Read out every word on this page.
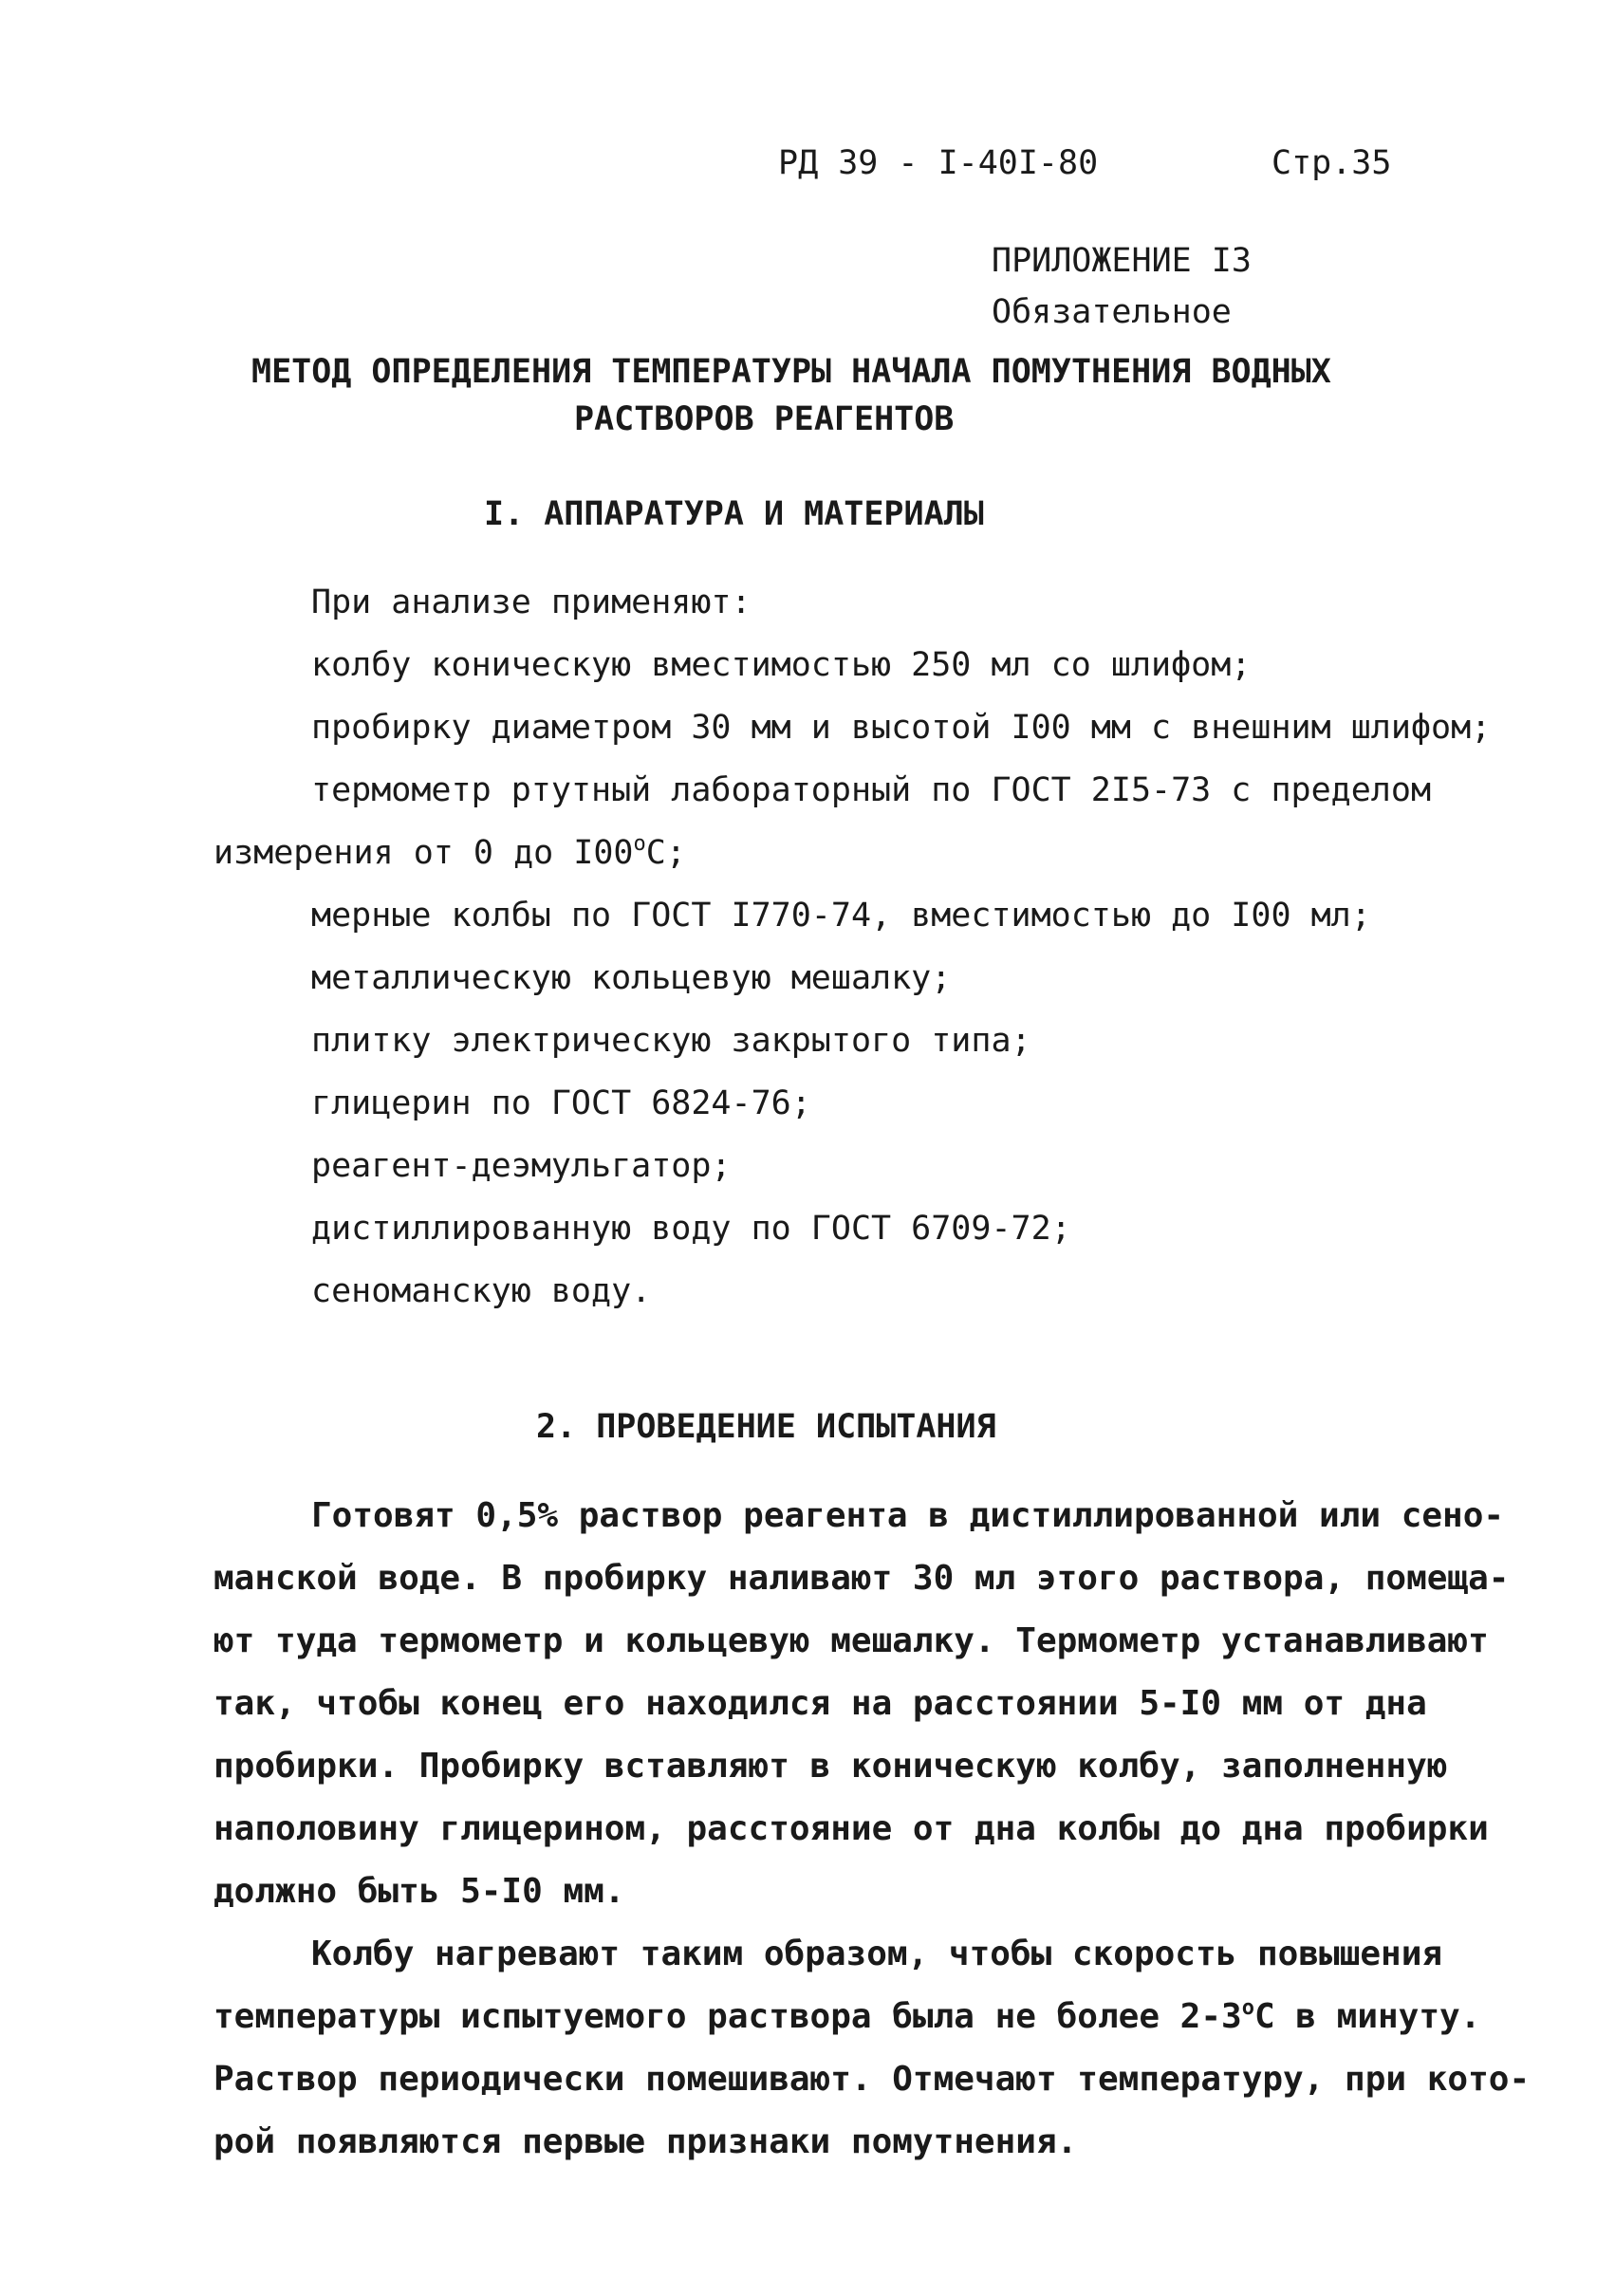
РД 39 - I-40I-80	Стр.35
ПРИЛОЖЕНИЕ I3
Обязательное
МЕТОД ОПРЕДЕЛЕНИЯ ТЕМПЕРАТУРЫ НАЧАЛА ПОМУТНЕНИЯ ВОДНЫХ
РАСТВОРОВ РЕАГЕНТОВ
I. АППАРАТУРА И МАТЕРИАЛЫ
При анализе применяют:
колбу коническую вместимостью 250 мл со шлифом;
пробирку диаметром 30 мм и высотой I00 мм с внешним шлифом;
термометр ртутный лабораторный по ГОСТ 2I5-73 с пределом
измерения от 0 до $I00^оС$;
мерные колбы по ГОСТ I770-74, вместимостью до I00 мл;
металлическую кольцевую мешалку;
плитку электрическую закрытого типа;
глицерин по ГОСТ 6824-76;
реагент-деэмульгатор;
дистиллированную воду по ГОСТ 6709-72;
сеноманскую воду.
2. ПРОВЕДЕНИЕ ИСПЫТАНИЯ
Готовят 0,5% раствор реагента в дистиллированной или сено-
манской воде. В пробирку наливают 30 мл этого раствора, помеща-
ют туда термометр и кольцевую мешалку. Термометр устанавливают
так, чтобы конец его находился на расстоянии 5-I0 мм от дна
пробирки. Пробирку вставляют в коническую колбу, заполненную
наполовину глицерином, расстояние от дна колбы до дна пробирки
должно быть 5-I0 мм.
Колбу нагревают таким образом, чтобы скорость повышения
температуры испытуемого раствора была не более $2-3^оС$ в минуту.
Раствор периодически помешивают. Отмечают температуру, при кото-
рой появляются первые признаки помутнения.
